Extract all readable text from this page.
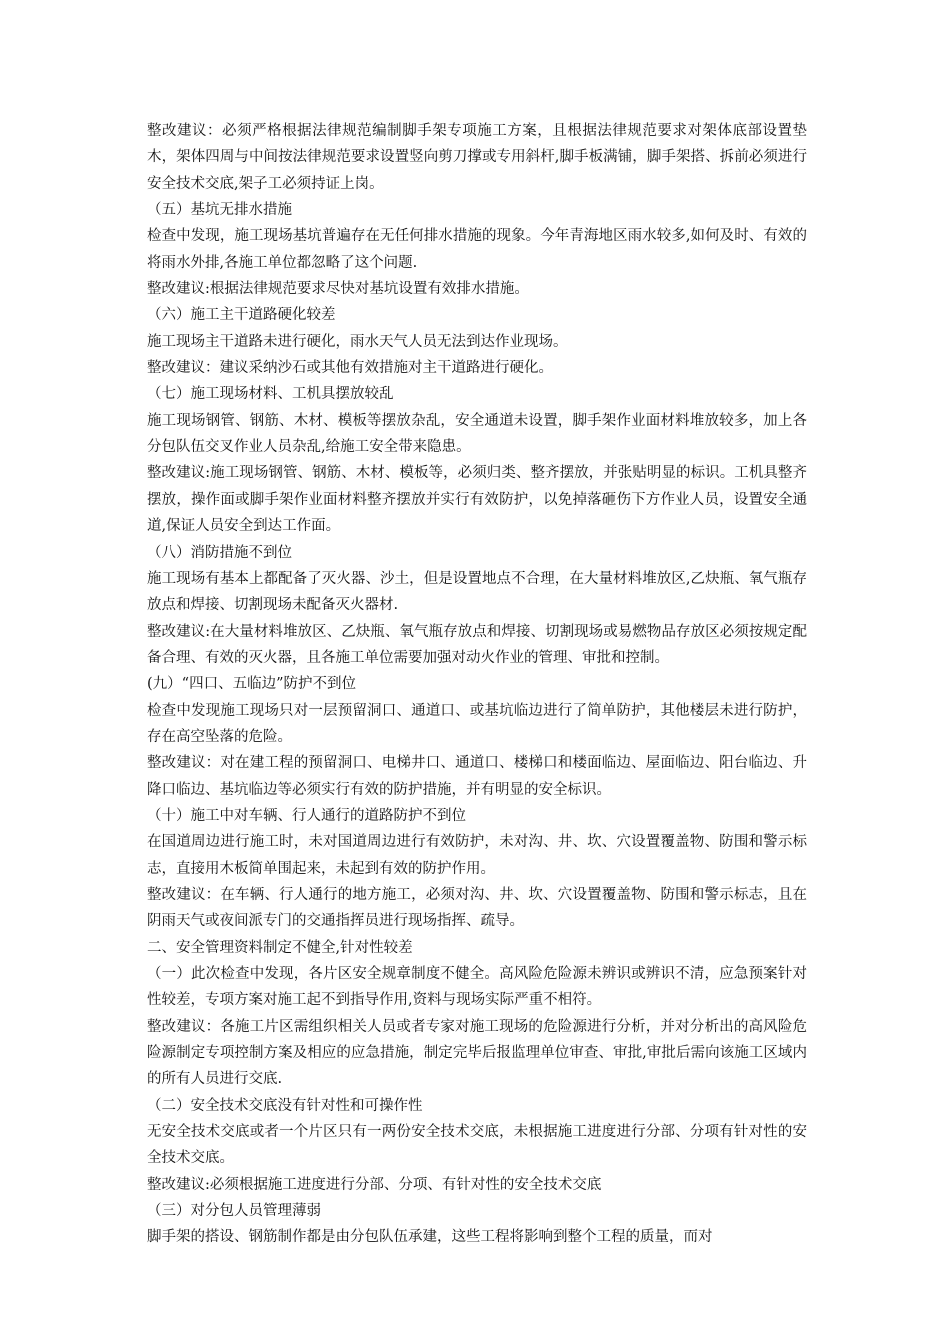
整改建议：必须严格根据法律规范编制脚手架专项施工方案，且根据法律规范要求对架体底部设置垫木，架体四周与中间按法律规范要求设置竖向剪刀撑或专用斜杆,脚手板满铺，脚手架搭、拆前必须进行安全技术交底,架子工必须持证上岗。

（五）基坑无排水措施

检查中发现，施工现场基坑普遍存在无任何排水措施的现象。今年青海地区雨水较多,如何及时、有效的将雨水外排,各施工单位都忽略了这个问题.

整改建议:根据法律规范要求尽快对基坑设置有效排水措施。

（六）施工主干道路硬化较差

施工现场主干道路未进行硬化，雨水天气人员无法到达作业现场。

整改建议：建议采纳沙石或其他有效措施对主干道路进行硬化。

（七）施工现场材料、工机具摆放较乱

施工现场钢管、钢筋、木材、模板等摆放杂乱，安全通道未设置，脚手架作业面材料堆放较多，加上各分包队伍交叉作业人员杂乱,给施工安全带来隐患。

整改建议:施工现场钢管、钢筋、木材、模板等，必须归类、整齐摆放，并张贴明显的标识。工机具整齐摆放，操作面或脚手架作业面材料整齐摆放并实行有效防护，以免掉落砸伤下方作业人员，设置安全通道,保证人员安全到达工作面。

（八）消防措施不到位

施工现场有基本上都配备了灭火器、沙土，但是设置地点不合理，在大量材料堆放区,乙炔瓶、氧气瓶存放点和焊接、切割现场未配备灭火器材.

整改建议:在大量材料堆放区、乙炔瓶、氧气瓶存放点和焊接、切割现场或易燃物品存放区必须按规定配备合理、有效的灭火器，且各施工单位需要加强对动火作业的管理、审批和控制。

(九）“四口、五临边”防护不到位

检查中发现施工现场只对一层预留洞口、通道口、或基坑临边进行了简单防护，其他楼层未进行防护，存在高空坠落的危险。

整改建议：对在建工程的预留洞口、电梯井口、通道口、楼梯口和楼面临边、屋面临边、阳台临边、升降口临边、基坑临边等必须实行有效的防护措施，并有明显的安全标识。

（十）施工中对车辆、行人通行的道路防护不到位

在国道周边进行施工时，未对国道周边进行有效防护，未对沟、井、坎、穴设置覆盖物、防围和警示标志，直接用木板简单围起来，未起到有效的防护作用。

整改建议：在车辆、行人通行的地方施工，必须对沟、井、坎、穴设置覆盖物、防围和警示标志，且在阴雨天气或夜间派专门的交通指挥员进行现场指挥、疏导。

二、安全管理资料制定不健全,针对性较差

（一）此次检查中发现，各片区安全规章制度不健全。高风险危险源未辨识或辨识不清，应急预案针对性较差，专项方案对施工起不到指导作用,资料与现场实际严重不相符。

整改建议：各施工片区需组织相关人员或者专家对施工现场的危险源进行分析，并对分析出的高风险危险源制定专项控制方案及相应的应急措施，制定完毕后报监理单位审查、审批,审批后需向该施工区域内的所有人员进行交底.

（二）安全技术交底没有针对性和可操作性

无安全技术交底或者一个片区只有一两份安全技术交底，未根据施工进度进行分部、分项有针对性的安全技术交底。

整改建议:必须根据施工进度进行分部、分项、有针对性的安全技术交底

（三）对分包人员管理薄弱

脚手架的搭设、钢筋制作都是由分包队伍承建，这些工程将影响到整个工程的质量，而对
